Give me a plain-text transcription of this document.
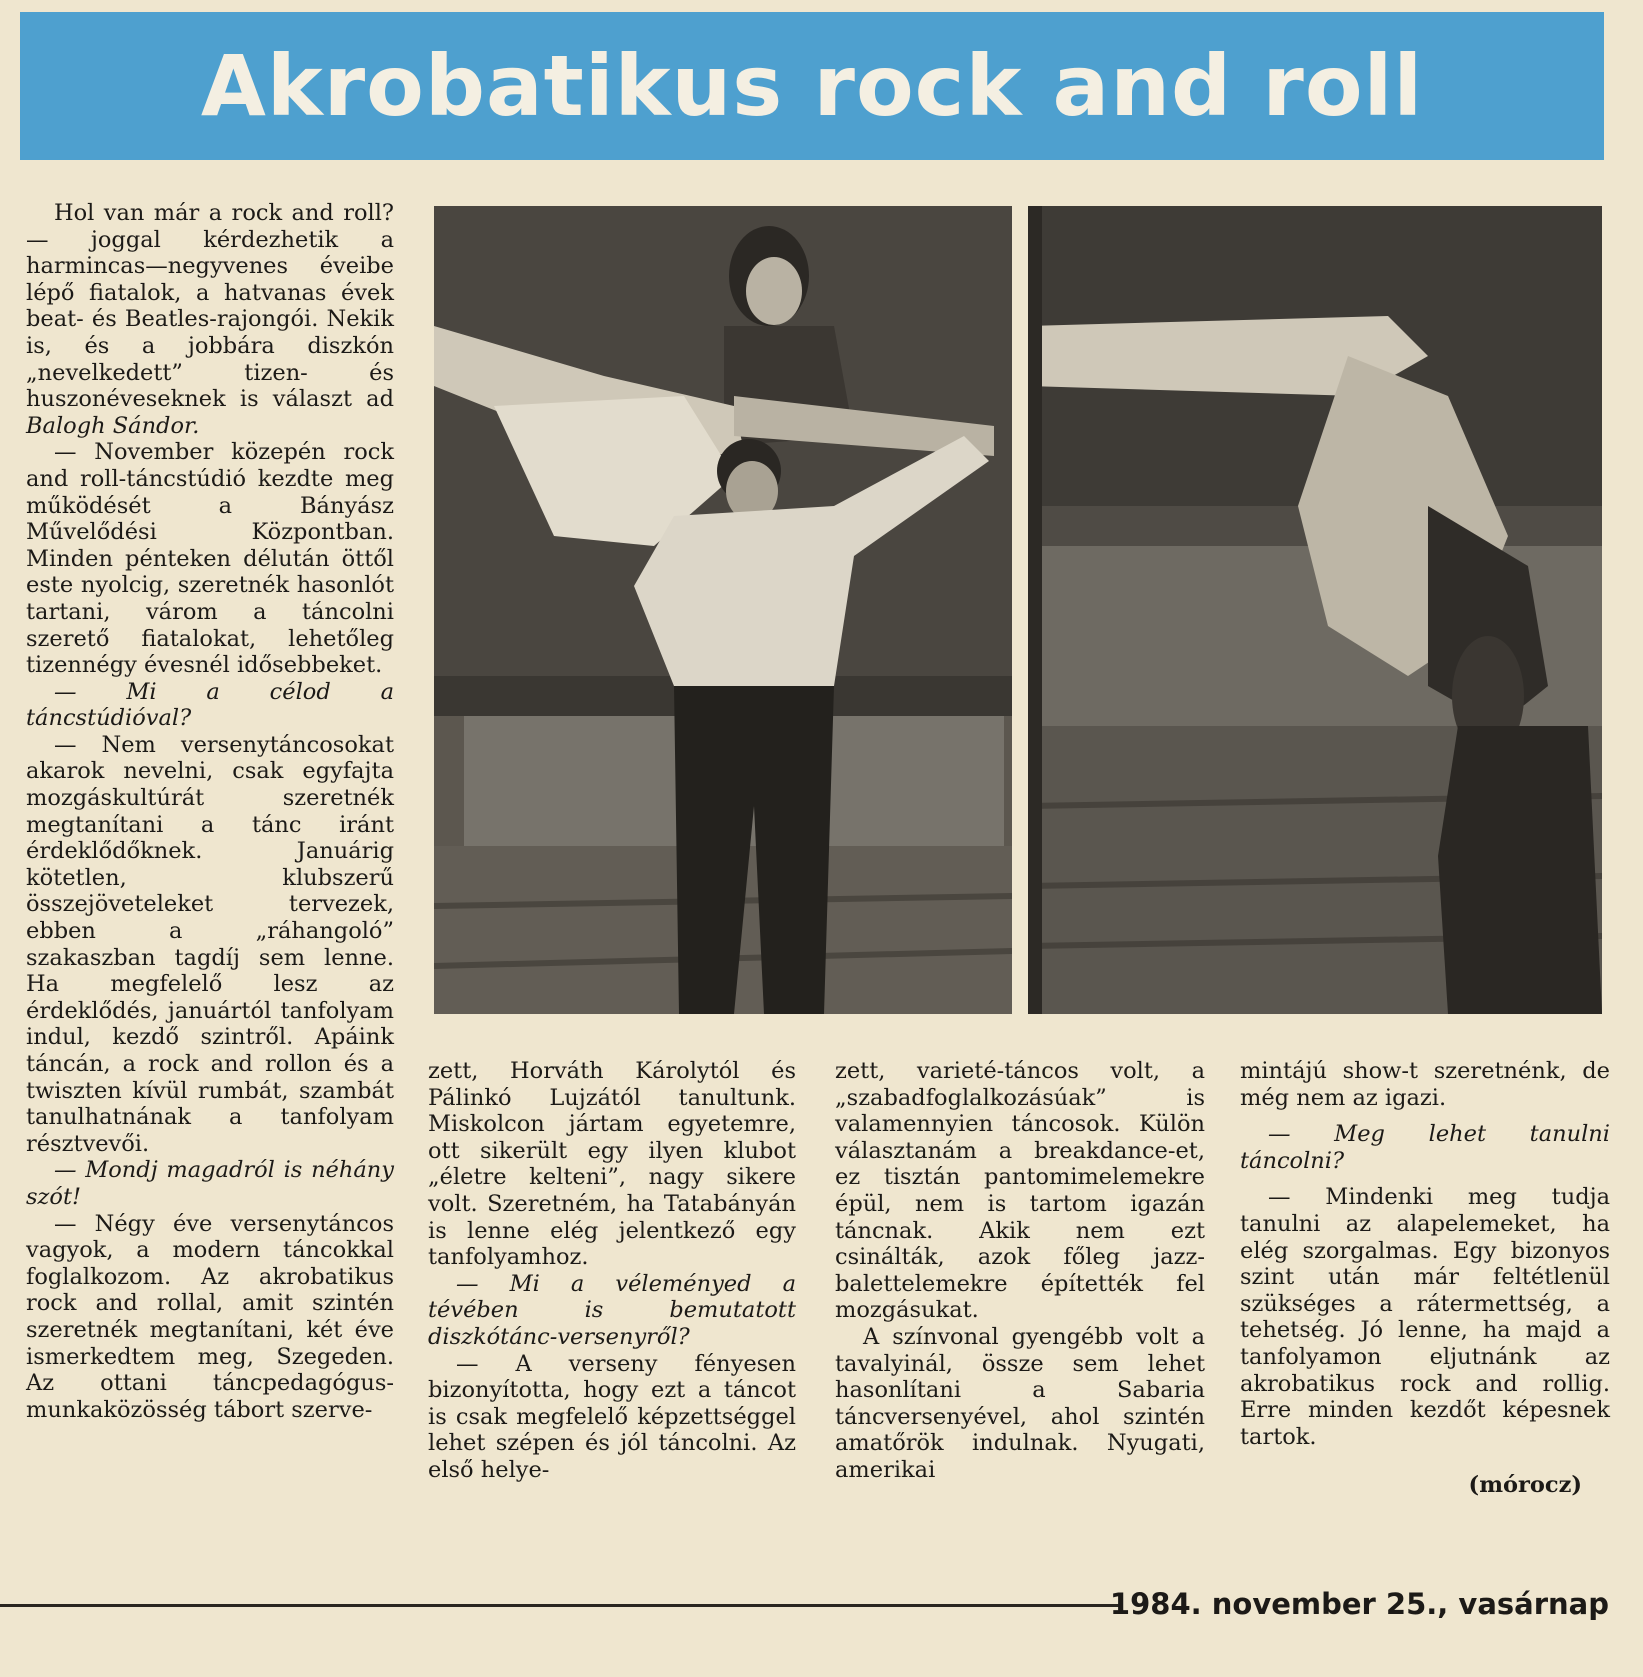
Akrobatikus rock and roll

Hol van már a rock and roll? — joggal kérdezhetik a harmincas—negyvenes éveibe lépő fiatalok, a hatvanas évek beat- és Beatles-rajongói. Nekik is, és a jobbára diszkón „nevelkedett” tizen- és huszonéveseknek is választ ad Balogh Sándor.

— November közepén rock and roll-táncstúdió kezdte meg működését a Bányász Művelődési Központban. Minden pénteken délután öttől este nyolcig, szeretnék hasonlót tartani, várom a táncolni szerető fiatalokat, lehetőleg tizennégy évesnél idősebbeket.

— Mi a célod a táncstúdióval?

— Nem versenytáncosokat akarok nevelni, csak egyfajta mozgáskultúrát szeretnék megtanítani a tánc iránt érdeklődőknek. Januárig kötetlen, klubszerű összejöveteleket tervezek, ebben a „ráhangoló” szakaszban tagdíj sem lenne. Ha megfelelő lesz az érdeklődés, januártól tanfolyam indul, kezdő szintről. Apáink táncán, a rock and rollon és a twiszten kívül rumbát, szambát tanulhatnának a tanfolyam résztvevői.

— Mondj magadról is néhány szót!

— Négy éve versenytáncos vagyok, a modern táncokkal foglalkozom. Az akrobatikus rock and rollal, amit szintén szeretnék megtanítani, két éve ismerkedtem meg, Szegeden. Az ottani táncpedagógus-munkaközösség tábort szerve-

zett, Horváth Károlytól és Pálinkó Lujzától tanultunk. Miskolcon jártam egyetemre, ott sikerült egy ilyen klubot „életre kelteni”, nagy sikere volt. Szeretném, ha Tatabányán is lenne elég jelentkező egy tanfolyamhoz.

— Mi a véleményed a tévében is bemutatott diszkótánc-versenyről?

— A verseny fényesen bizonyította, hogy ezt a táncot is csak megfelelő képzettséggel lehet szépen és jól táncolni. Az első helye-

zett, varieté-táncos volt, a „szabadfoglalkozásúak” is valamennyien táncosok. Külön választanám a breakdance-et, ez tisztán pantomimelemekre épül, nem is tartom igazán táncnak. Akik nem ezt csinálták, azok főleg jazz-balettelemekre építették fel mozgásukat.

A színvonal gyengébb volt a tavalyinál, össze sem lehet hasonlítani a Sabaria táncversenyével, ahol szintén amatőrök indulnak. Nyugati, amerikai

mintájú show-t szeretnénk, de még nem az igazi.

— Meg lehet tanulni táncolni?

— Mindenki meg tudja tanulni az alapelemeket, ha elég szorgalmas. Egy bizonyos szint után már feltétlenül szükséges a rátermettség, a tehetség. Jó lenne, ha majd a tanfolyamon eljutnánk az akrobatikus rock and rollig. Erre minden kezdőt képesnek tartok.

(mórocz)

1984. november 25., vasárnap
